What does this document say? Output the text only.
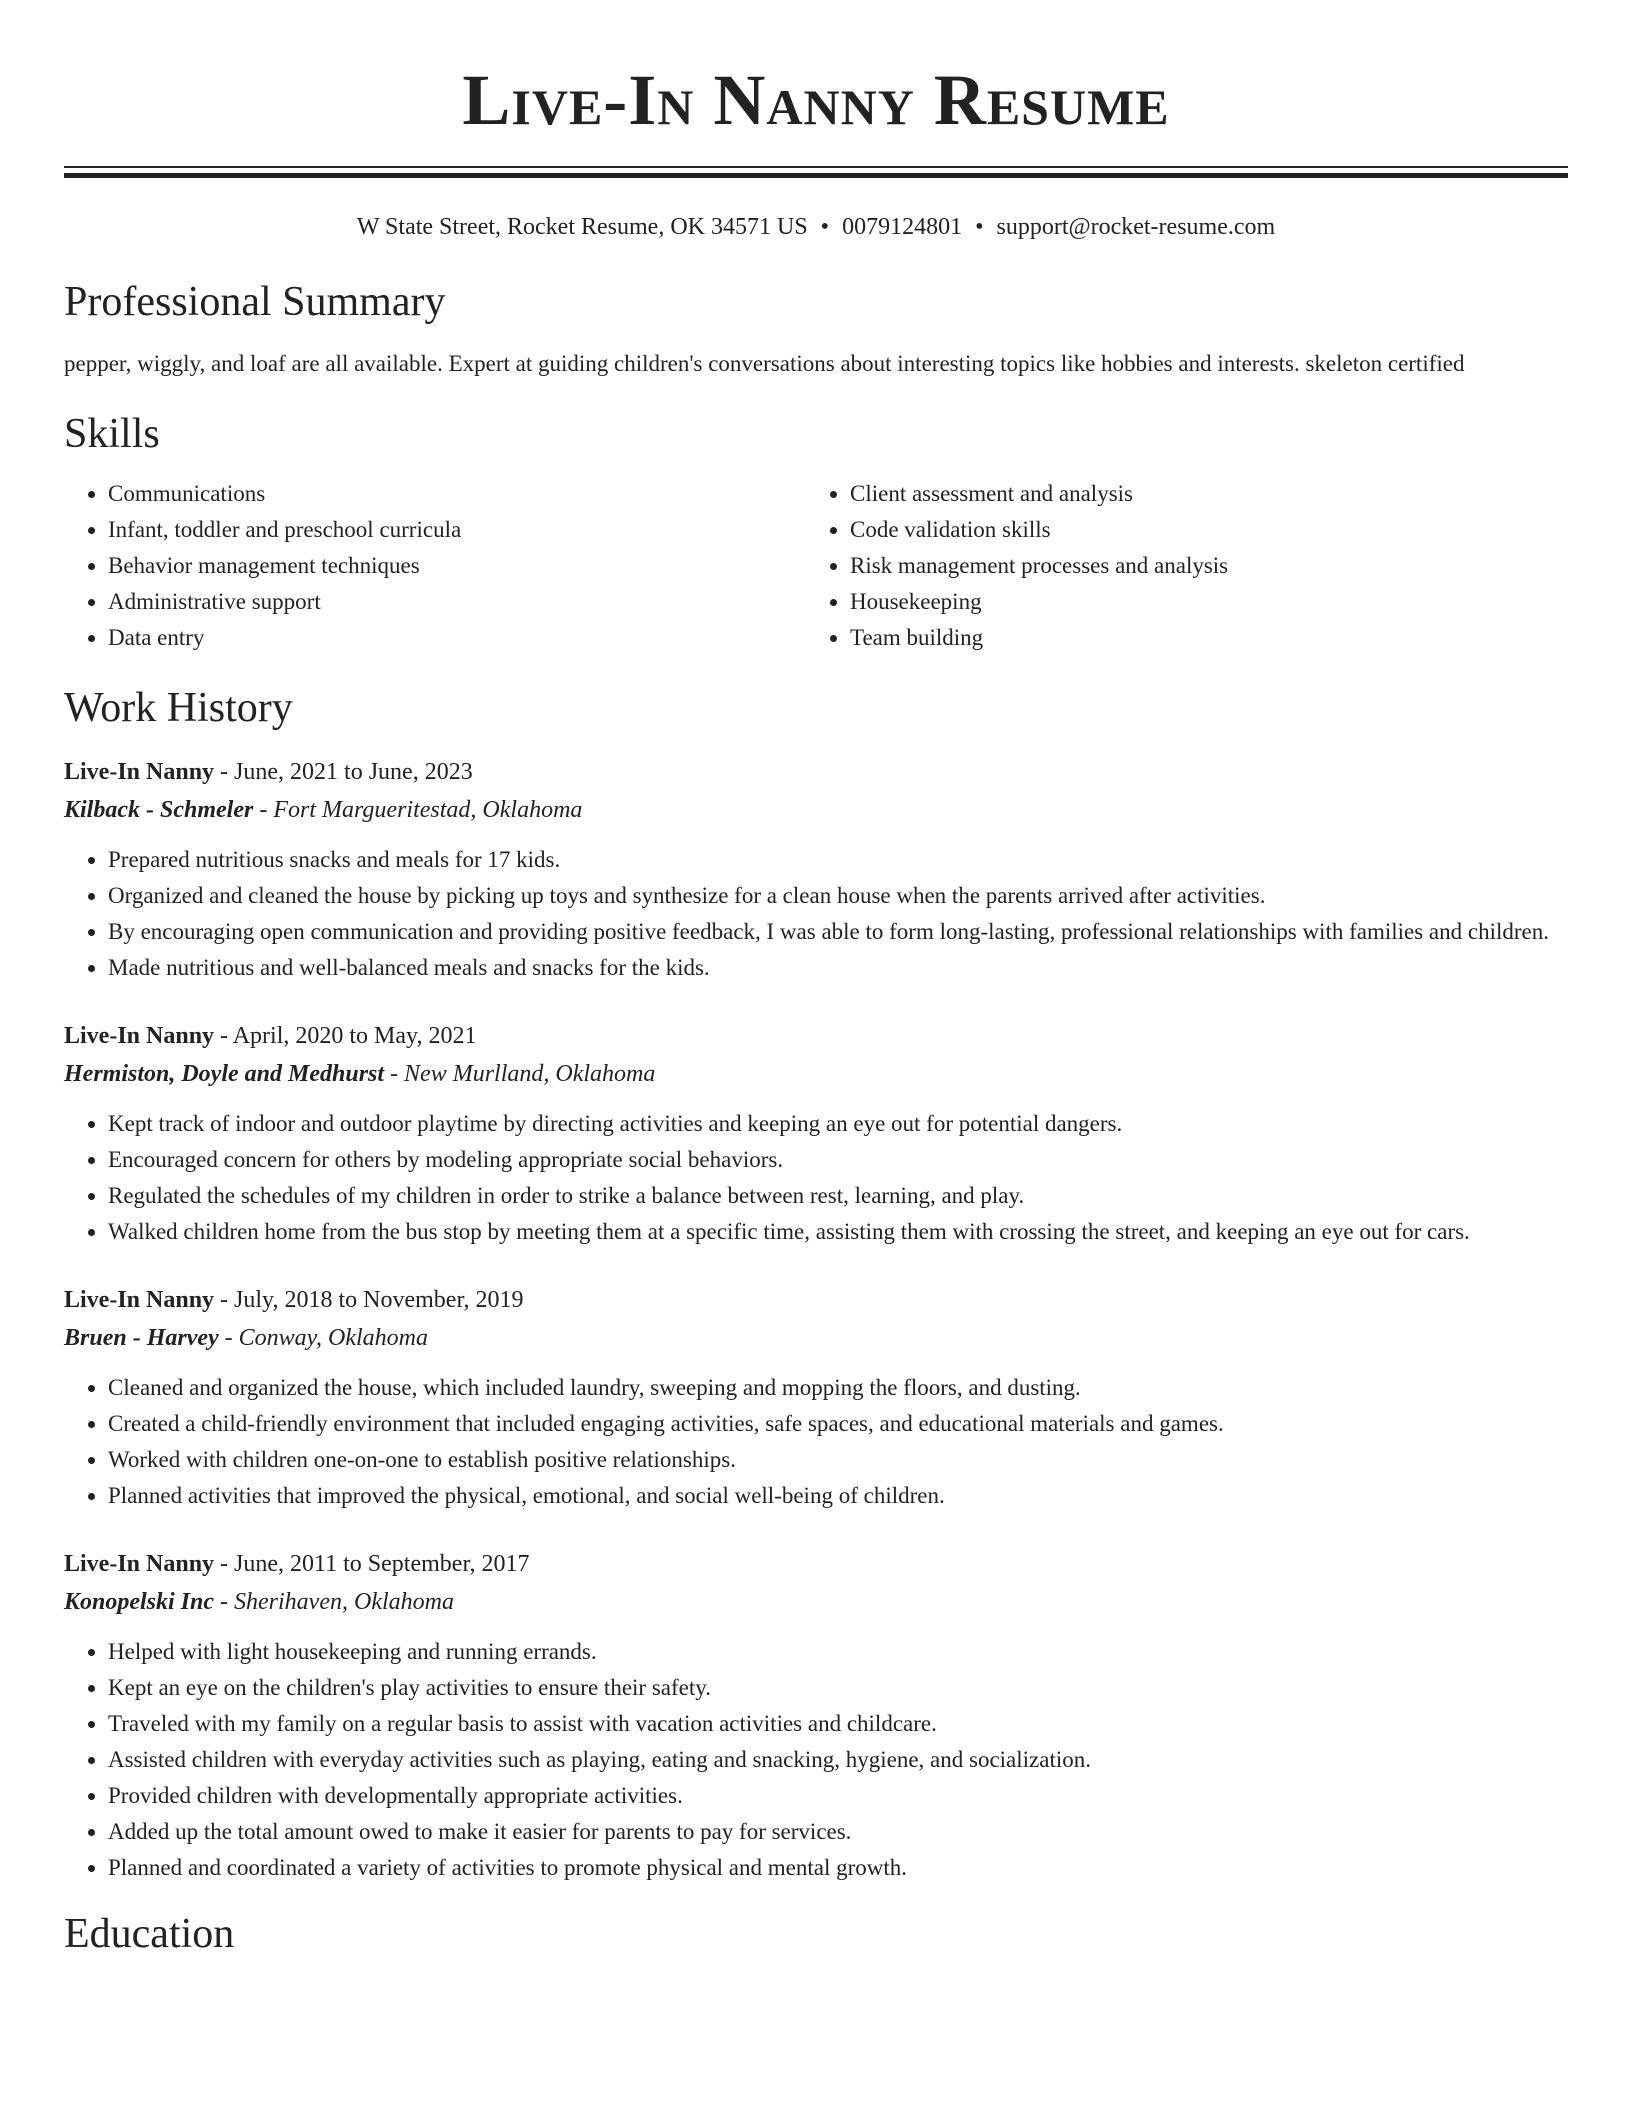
Live-In Nanny Resume
W State Street, Rocket Resume, OK 34571 US • 0079124801 • support@rocket-resume.com
Professional Summary

pepper, wiggly, and loaf are all available. Expert at guiding children's conversations about interesting topics like hobbies and interests. skeleton certified

Skills
• Communications
• Infant, toddler and preschool curricula
• Behavior management techniques
• Administrative support
• Data entry
• Client assessment and analysis
• Code validation skills
• Risk management processes and analysis
• Housekeeping
• Team building
Work History

Live-In Nanny - June, 2021 to June, 2023

Kilback - Schmeler - Fort Margueritestad, Oklahoma

• Prepared nutritious snacks and meals for 17 kids.
• Organized and cleaned the house by picking up toys and synthesize for a clean house when the parents arrived after activities.
• By encouraging open communication and providing positive feedback, I was able to form long-lasting, professional relationships with families and children.
• Made nutritious and well-balanced meals and snacks for the kids.

Live-In Nanny - April, 2020 to May, 2021

Hermiston, Doyle and Medhurst - New Murlland, Oklahoma

• Kept track of indoor and outdoor playtime by directing activities and keeping an eye out for potential dangers.
• Encouraged concern for others by modeling appropriate social behaviors.
• Regulated the schedules of my children in order to strike a balance between rest, learning, and play.
• Walked children home from the bus stop by meeting them at a specific time, assisting them with crossing the street, and keeping an eye out for cars.

Live-In Nanny - July, 2018 to November, 2019

Bruen - Harvey - Conway, Oklahoma

• Cleaned and organized the house, which included laundry, sweeping and mopping the floors, and dusting.
• Created a child-friendly environment that included engaging activities, safe spaces, and educational materials and games.
• Worked with children one-on-one to establish positive relationships.
• Planned activities that improved the physical, emotional, and social well-being of children.

Live-In Nanny - June, 2011 to September, 2017

Konopelski Inc - Sherihaven, Oklahoma

• Helped with light housekeeping and running errands.
• Kept an eye on the children's play activities to ensure their safety.
• Traveled with my family on a regular basis to assist with vacation activities and childcare.
• Assisted children with everyday activities such as playing, eating and snacking, hygiene, and socialization.
• Provided children with developmentally appropriate activities.
• Added up the total amount owed to make it easier for parents to pay for services.
• Planned and coordinated a variety of activities to promote physical and mental growth.
Education
